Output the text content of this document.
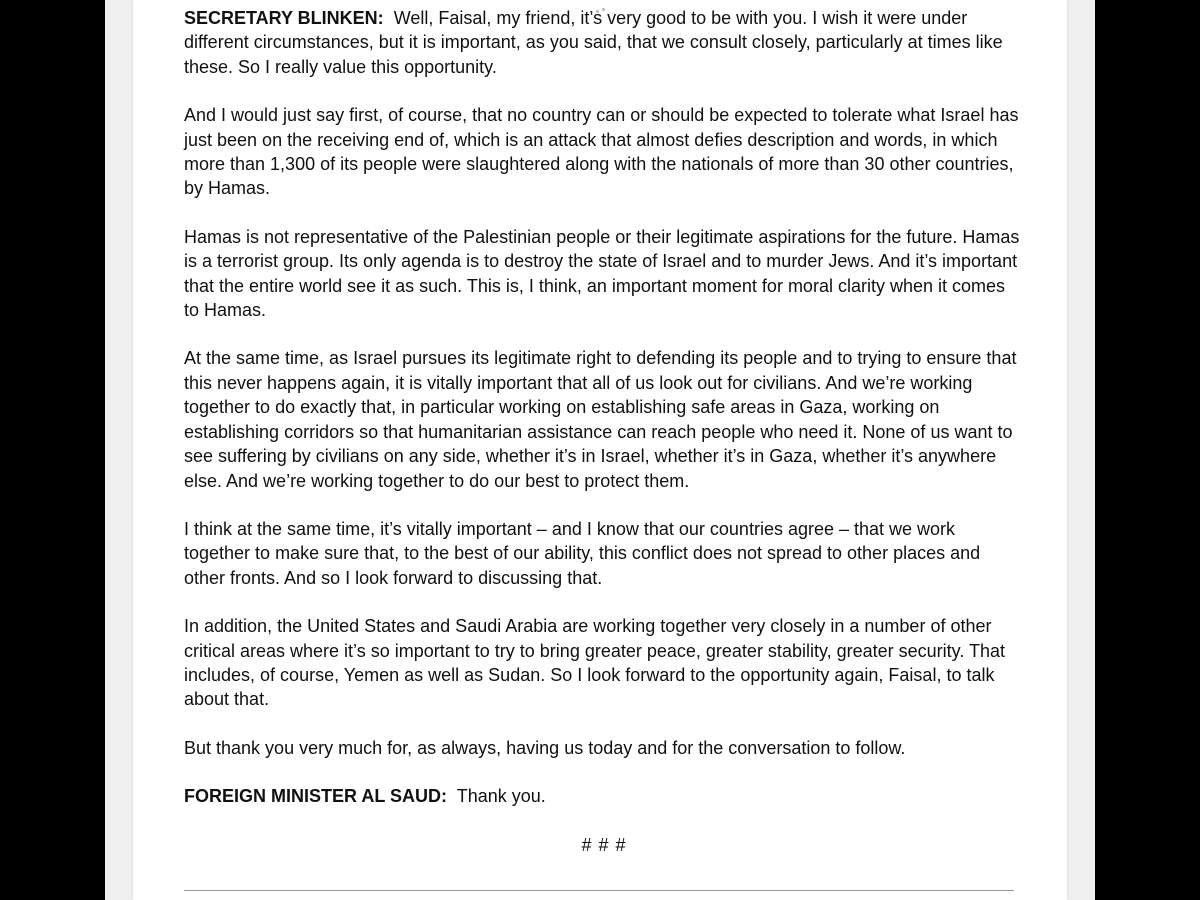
SECRETARY BLINKEN: Well, Faisal, my friend, it’s very good to be with you. I wish it were under different circumstances, but it is important, as you said, that we consult closely, particularly at times like these. So I really value this opportunity.

And I would just say first, of course, that no country can or should be expected to tolerate what Israel has just been on the receiving end of, which is an attack that almost defies description and words, in which more than 1,300 of its people were slaughtered along with the nationals of more than 30 other countries, by Hamas.

Hamas is not representative of the Palestinian people or their legitimate aspirations for the future. Hamas is a terrorist group. Its only agenda is to destroy the state of Israel and to murder Jews. And it’s important that the entire world see it as such. This is, I think, an important moment for moral clarity when it comes to Hamas.

At the same time, as Israel pursues its legitimate right to defending its people and to trying to ensure that this never happens again, it is vitally important that all of us look out for civilians. And we’re working together to do exactly that, in particular working on establishing safe areas in Gaza, working on establishing corridors so that humanitarian assistance can reach people who need it. None of us want to see suffering by civilians on any side, whether it’s in Israel, whether it’s in Gaza, whether it’s anywhere else. And we’re working together to do our best to protect them.

I think at the same time, it’s vitally important – and I know that our countries agree – that we work together to make sure that, to the best of our ability, this conflict does not spread to other places and other fronts. And so I look forward to discussing that.

In addition, the United States and Saudi Arabia are working together very closely in a number of other critical areas where it’s so important to try to bring greater peace, greater stability, greater security. That includes, of course, Yemen as well as Sudan. So I look forward to the opportunity again, Faisal, to talk about that.

But thank you very much for, as always, having us today and for the conversation to follow.

FOREIGN MINISTER AL SAUD: Thank you.

# # #
